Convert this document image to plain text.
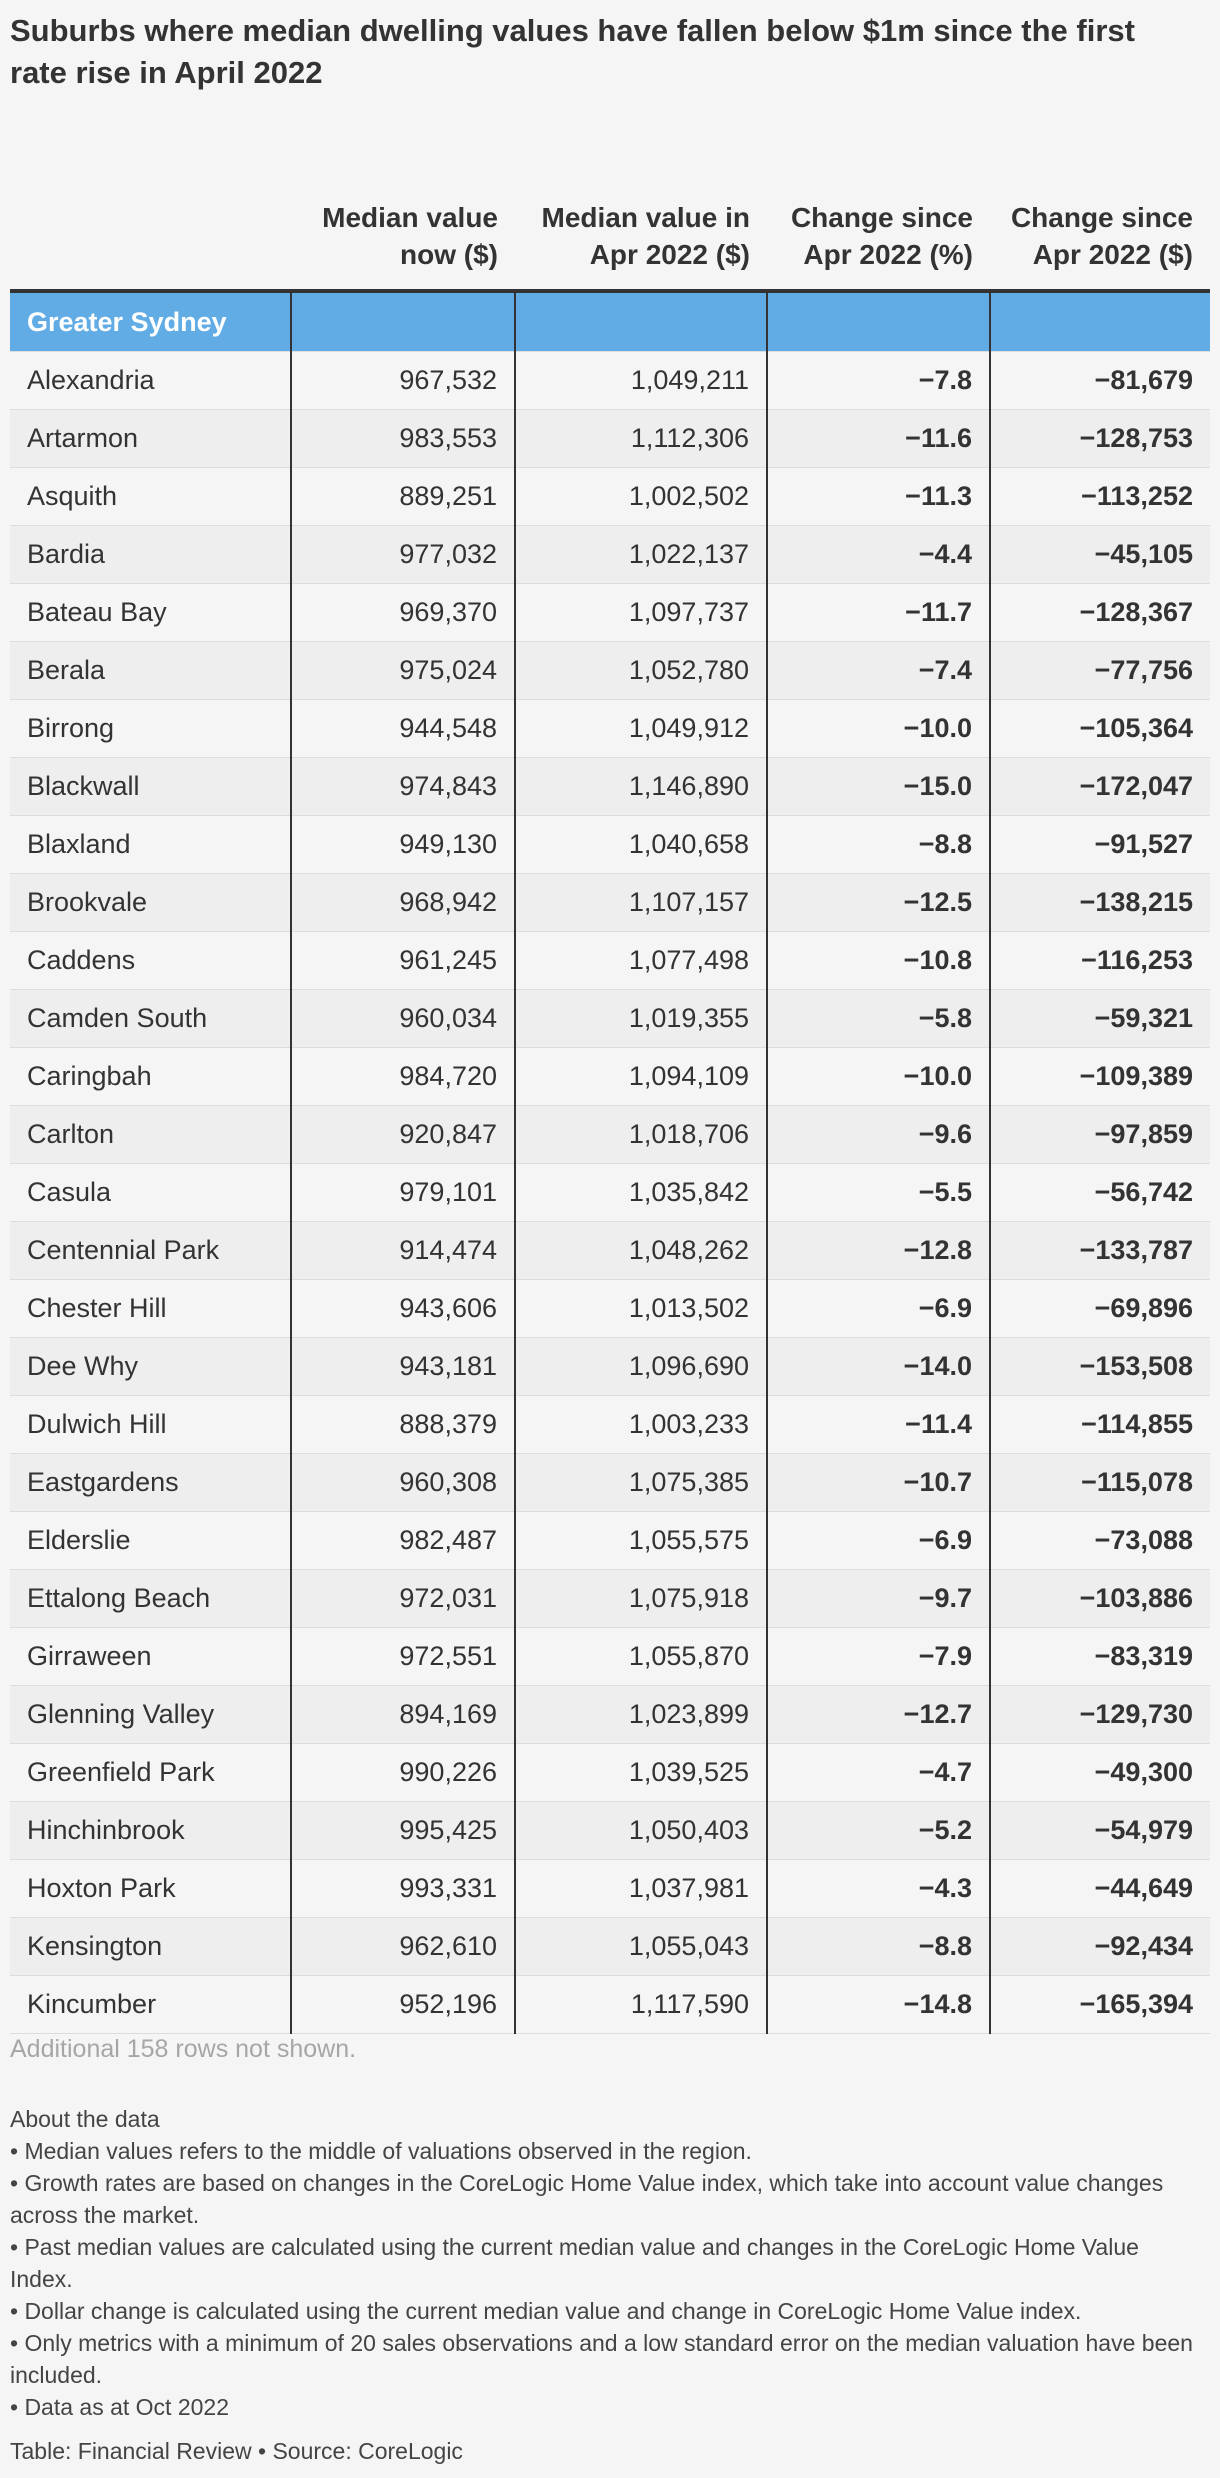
Suburbs where median dwelling values have fallen below $1m since the first rate rise in April 2022
	Median value now ($)	Median value in Apr 2022 ($)	Change since Apr 2022 (%)	Change since Apr 2022 ($)
Greater Sydney				
Alexandria	967,532	1,049,211	−7.8	−81,679
Artarmon	983,553	1,112,306	−11.6	−128,753
Asquith	889,251	1,002,502	−11.3	−113,252
Bardia	977,032	1,022,137	−4.4	−45,105
Bateau Bay	969,370	1,097,737	−11.7	−128,367
Berala	975,024	1,052,780	−7.4	−77,756
Birrong	944,548	1,049,912	−10.0	−105,364
Blackwall	974,843	1,146,890	−15.0	−172,047
Blaxland	949,130	1,040,658	−8.8	−91,527
Brookvale	968,942	1,107,157	−12.5	−138,215
Caddens	961,245	1,077,498	−10.8	−116,253
Camden South	960,034	1,019,355	−5.8	−59,321
Caringbah	984,720	1,094,109	−10.0	−109,389
Carlton	920,847	1,018,706	−9.6	−97,859
Casula	979,101	1,035,842	−5.5	−56,742
Centennial Park	914,474	1,048,262	−12.8	−133,787
Chester Hill	943,606	1,013,502	−6.9	−69,896
Dee Why	943,181	1,096,690	−14.0	−153,508
Dulwich Hill	888,379	1,003,233	−11.4	−114,855
Eastgardens	960,308	1,075,385	−10.7	−115,078
Elderslie	982,487	1,055,575	−6.9	−73,088
Ettalong Beach	972,031	1,075,918	−9.7	−103,886
Girraween	972,551	1,055,870	−7.9	−83,319
Glenning Valley	894,169	1,023,899	−12.7	−129,730
Greenfield Park	990,226	1,039,525	−4.7	−49,300
Hinchinbrook	995,425	1,050,403	−5.2	−54,979
Hoxton Park	993,331	1,037,981	−4.3	−44,649
Kensington	962,610	1,055,043	−8.8	−92,434
Kincumber	952,196	1,117,590	−14.8	−165,394
Additional 158 rows not shown.

About the data

• Median values refers to the middle of valuations observed in the region.

• Growth rates are based on changes in the CoreLogic Home Value index, which take into account value changes across the market.

• Past median values are calculated using the current median value and changes in the CoreLogic Home Value Index.

• Dollar change is calculated using the current median value and change in CoreLogic Home Value index.

• Only metrics with a minimum of 20 sales observations and a low standard error on the median valuation have been included.

• Data as at Oct 2022

Table: Financial Review • Source: CoreLogic
